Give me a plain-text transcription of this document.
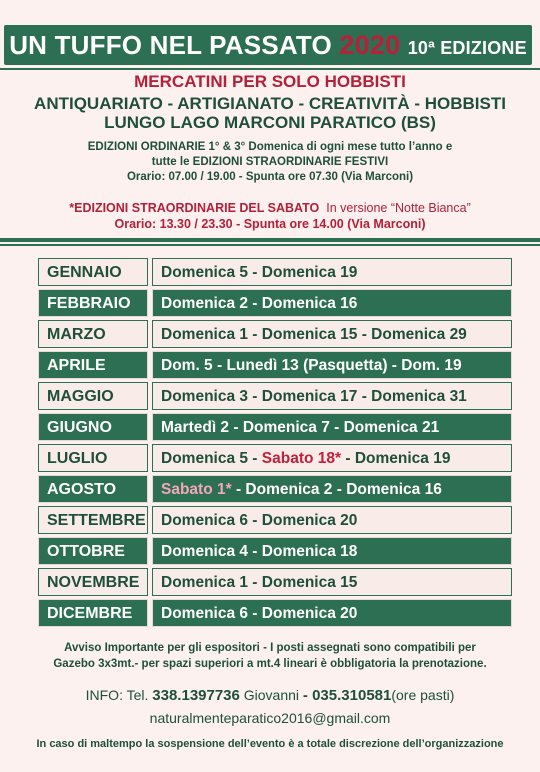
UN TUFFO NEL PASSATO 2020 10ª EDIZIONE
MERCATINI PER SOLO HOBBISTI
ANTIQUARIATO - ARTIGIANATO - CREATIVITÀ - HOBBISTI
LUNGO LAGO MARCONI PARATICO (BS)
EDIZIONI ORDINARIE 1° & 3° Domenica di ogni mese tutto l’anno e
tutte le EDIZIONI STRAORDINARIE FESTIVI
Orario: 07.00 / 19.00 - Spunta ore 07.30 (Via Marconi)
*EDIZIONI STRAORDINARIE DEL SABATO In versione “Notte Bianca”
Orario: 13.30 / 23.30 - Spunta ore 14.00 (Via Marconi)
GENNAIO	Domenica 5 - Domenica 19
FEBBRAIO	Domenica 2 - Domenica 16
MARZO	Domenica 1 - Domenica 15 - Domenica 29
APRILE	Dom. 5 - Lunedì 13 (Pasquetta) - Dom. 19
MAGGIO	Domenica 3 - Domenica 17 - Domenica 31
GIUGNO	Martedì 2 - Domenica 7 - Domenica 21
LUGLIO	Domenica 5 - Sabato 18* - Domenica 19
AGOSTO	Sabato 1* - Domenica 2 - Domenica 16
SETTEMBRE Domenica 6 - Domenica 20
OTTOBRE	Domenica 4 - Domenica 18
NOVEMBRE	Domenica 1 - Domenica 15
DICEMBRE	Domenica 6 - Domenica 20
Avviso Importante per gli espositori - I posti assegnati sono compatibili per
Gazebo 3x3mt.- per spazi superiori a mt.4 lineari è obbligatoria la prenotazione.
INFO: Tel. 338.1397736 Giovanni - 035.310581(ore pasti)
naturalmenteparatico2016@gmail.com
In caso di maltempo la sospensione dell’evento è a totale discrezione dell’organizzazione
